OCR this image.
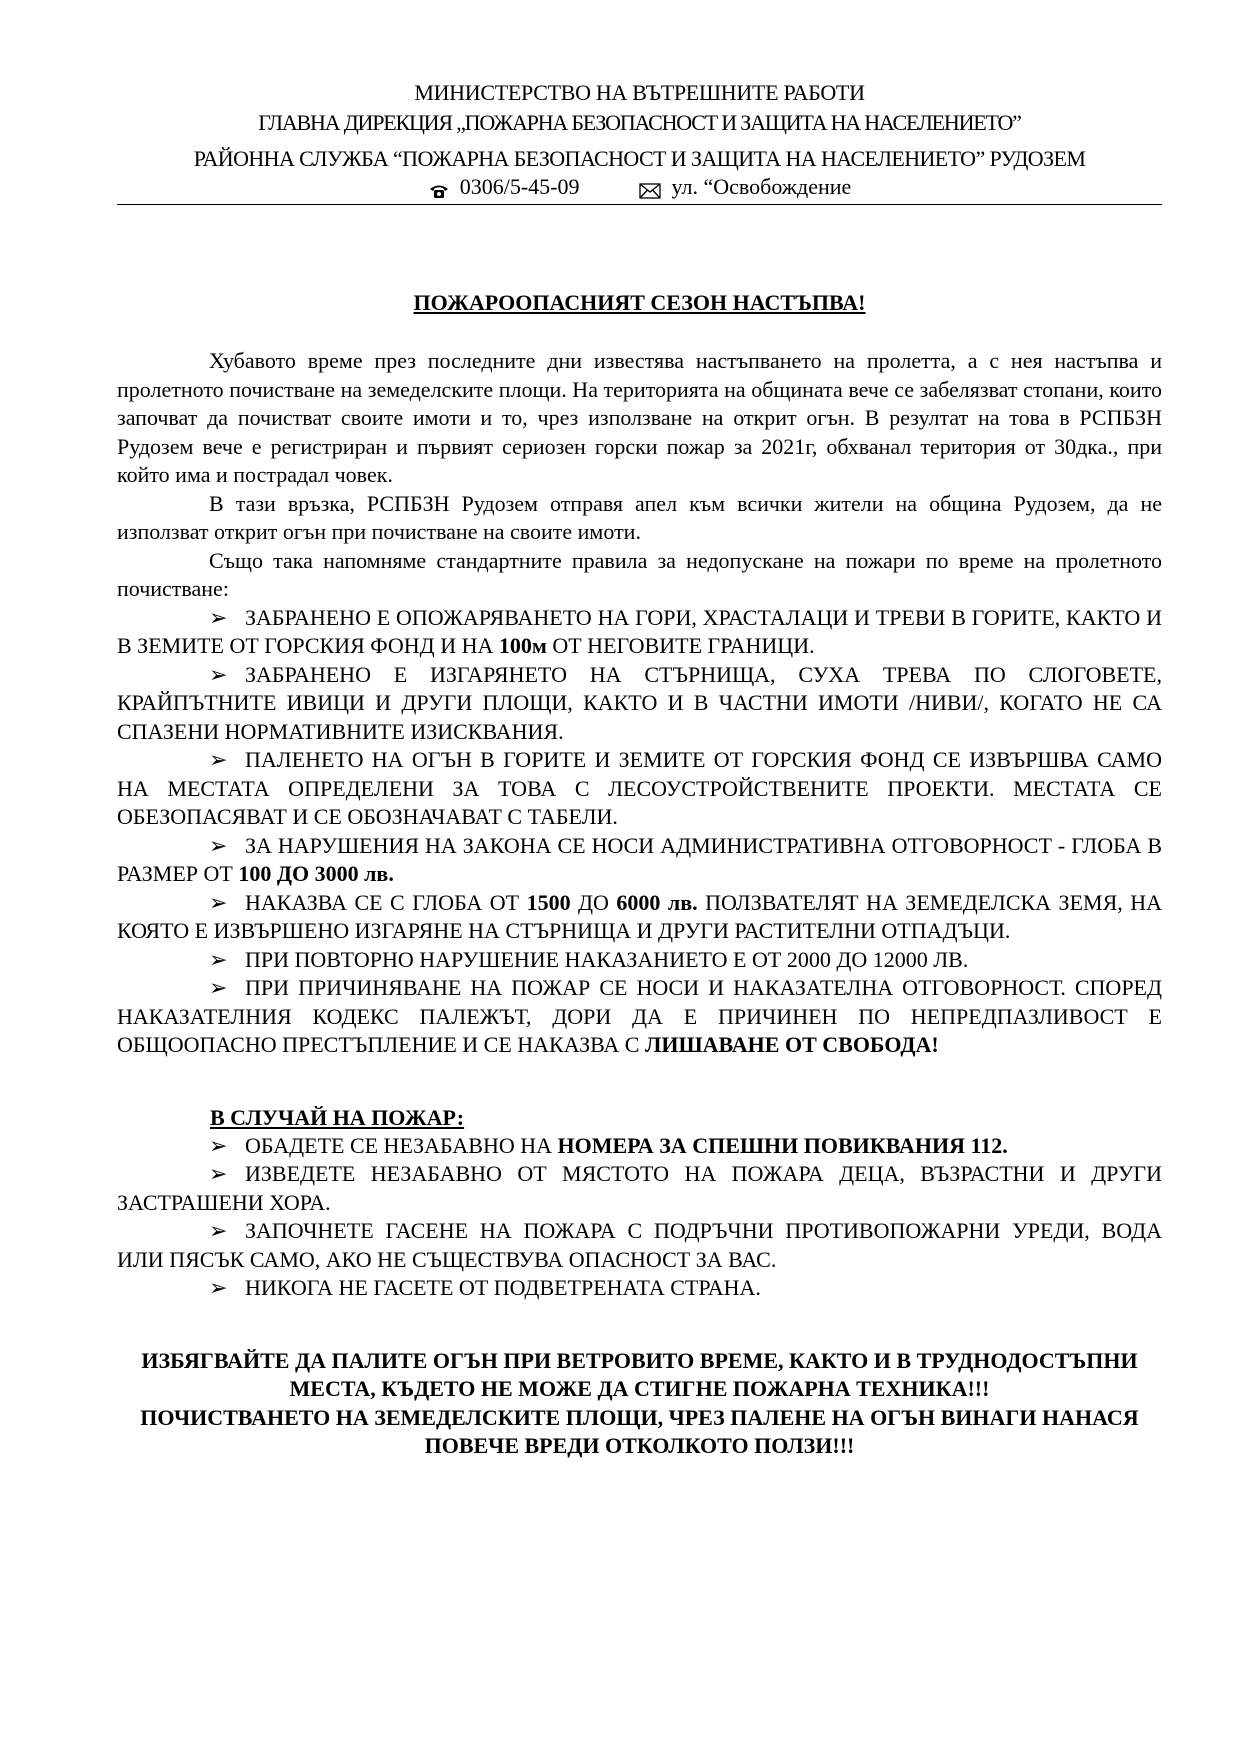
МИНИСТЕРСТВО НА ВЪТРЕШНИТЕ РАБОТИ
ГЛАВНА ДИРЕКЦИЯ „ПОЖАРНА БЕЗОПАСНОСТ И ЗАЩИТА НА НАСЕЛЕНИЕТО”
РАЙОННА СЛУЖБА “ПОЖАРНА БЕЗОПАСНОСТ И ЗАЩИТА НА НАСЕЛЕНИЕТО” РУДОЗЕМ
0306/5-45-09	ул. “Освобождение
ПОЖАРООПАСНИЯТ СЕЗОН НАСТЪПВА!

Хубавото време през последните дни известява настъпването на пролетта, а с нея настъпва и пролетното почистване на земеделските площи. На територията на общината вече се забелязват стопани, които започват да почистват своите имоти и то, чрез използване на открит огън. В резултат на това в РСПБЗН Рудозем вече е регистриран и първият сериозен горски пожар за 2021г, обхванал територия от 30дка., при който има и пострадал човек.

В тази връзка, РСПБЗН Рудозем отправя апел към всички жители на община Рудозем, да не използват открит огън при почистване на своите имоти.

Също така напомняме стандартните правила за недопускане на пожари по време на пролетното почистване:

➢ ЗАБРАНЕНО Е ОПОЖАРЯВАНЕТО НА ГОРИ, ХРАСТАЛАЦИ И ТРЕВИ В ГОРИТЕ, КАКТО И В ЗЕМИТЕ ОТ ГОРСКИЯ ФОНД И НА 100м ОТ НЕГОВИТЕ ГРАНИЦИ.

➢ ЗАБРАНЕНО Е ИЗГАРЯНЕТО НА СТЪРНИЩА, СУХА ТРЕВА ПО СЛОГОВЕТЕ, КРАЙПЪТНИТЕ ИВИЦИ И ДРУГИ ПЛОЩИ, КАКТО И В ЧАСТНИ ИМОТИ /НИВИ/, КОГАТО НЕ СА СПАЗЕНИ НОРМАТИВНИТЕ ИЗИСКВАНИЯ.

➢ ПАЛЕНЕТО НА ОГЪН В ГОРИТЕ И ЗЕМИТЕ ОТ ГОРСКИЯ ФОНД СЕ ИЗВЪРШВА САМО НА МЕСТАТА ОПРЕДЕЛЕНИ ЗА ТОВА С ЛЕСОУСТРОЙСТВЕНИТЕ ПРОЕКТИ. МЕСТАТА СЕ ОБЕЗОПАСЯВАТ И СЕ ОБОЗНАЧАВАТ С ТАБЕЛИ.

➢ ЗА НАРУШЕНИЯ НА ЗАКОНА СЕ НОСИ АДМИНИСТРАТИВНА ОТГОВОРНОСТ - ГЛОБА В РАЗМЕР ОТ 100 ДО 3000 лв.

➢ НАКАЗВА СЕ С ГЛОБА ОТ 1500 ДО 6000 лв. ПОЛЗВАТЕЛЯТ НА ЗЕМЕДЕЛСКА ЗЕМЯ, НА КОЯТО Е ИЗВЪРШЕНО ИЗГАРЯНЕ НА СТЪРНИЩА И ДРУГИ РАСТИТЕЛНИ ОТПАДЪЦИ.

➢ ПРИ ПОВТОРНО НАРУШЕНИЕ НАКАЗАНИЕТО Е ОТ 2000 ДО 12000 ЛВ.

➢ ПРИ ПРИЧИНЯВАНЕ НА ПОЖАР СЕ НОСИ И НАКАЗАТЕЛНА ОТГОВОРНОСТ. СПОРЕД НАКАЗАТЕЛНИЯ КОДЕКС ПАЛЕЖЪТ, ДОРИ ДА Е ПРИЧИНЕН ПО НЕПРЕДПАЗЛИВОСТ Е ОБЩООПАСНО ПРЕСТЪПЛЕНИЕ И СЕ НАКАЗВА С ЛИШАВАНЕ ОТ СВОБОДА!

В СЛУЧАЙ НА ПОЖАР:

➢ ОБАДЕТЕ СЕ НЕЗАБАВНО НА НОМЕРА ЗА СПЕШНИ ПОВИКВАНИЯ 112.

➢ ИЗВЕДЕТЕ НЕЗАБАВНО ОТ МЯСТОТО НА ПОЖАРА ДЕЦА, ВЪЗРАСТНИ И ДРУГИ ЗАСТРАШЕНИ ХОРА.

➢ ЗАПОЧНЕТЕ ГАСЕНЕ НА ПОЖАРА С ПОДРЪЧНИ ПРОТИВОПОЖАРНИ УРЕДИ, ВОДА ИЛИ ПЯСЪК САМО, АКО НЕ СЪЩЕСТВУВА ОПАСНОСТ ЗА ВАС.

➢ НИКОГА НЕ ГАСЕТЕ ОТ ПОДВЕТРЕНАТА СТРАНА.

ИЗБЯГВАЙТЕ ДА ПАЛИТЕ ОГЪН ПРИ ВЕТРОВИТО ВРЕМЕ, КАКТО И В ТРУДНОДОСТЪПНИ МЕСТА, КЪДЕТО НЕ МОЖЕ ДА СТИГНЕ ПОЖАРНА ТЕХНИКА!!!
ПОЧИСТВАНЕТО НА ЗЕМЕДЕЛСКИТЕ ПЛОЩИ, ЧРЕЗ ПАЛЕНЕ НА ОГЪН ВИНАГИ НАНАСЯ ПОВЕЧЕ ВРЕДИ ОТКОЛКОТО ПОЛЗИ!!!
